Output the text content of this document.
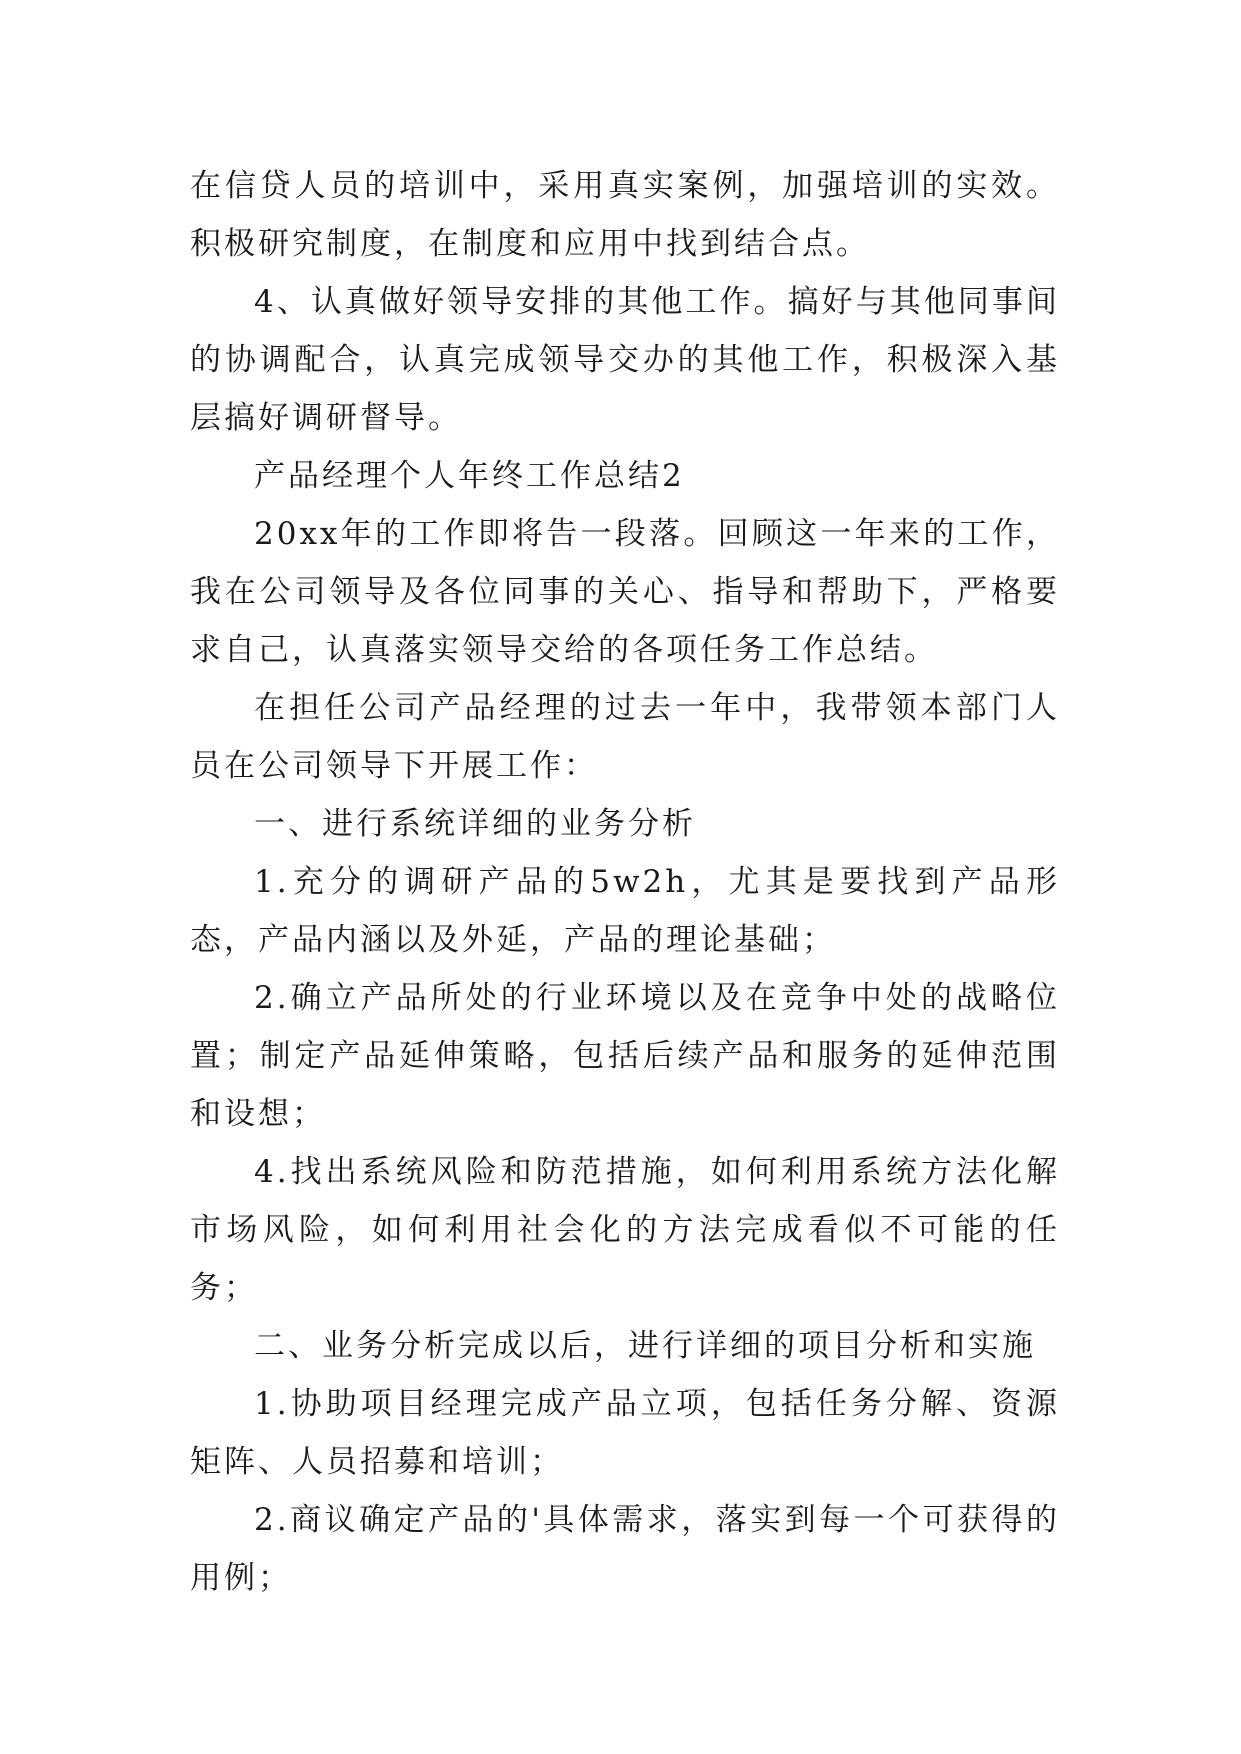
在信贷人员的培训中，采用真实案例，加强培训的实效。积极研究制度，在制度和应用中找到结合点。

4、认真做好领导安排的其他工作。搞好与其他同事间的协调配合，认真完成领导交办的其他工作，积极深入基层搞好调研督导。

产品经理个人年终工作总结2

20xx年的工作即将告一段落。回顾这一年来的工作，我在公司领导及各位同事的关心、指导和帮助下，严格要求自己，认真落实领导交给的各项任务工作总结。

在担任公司产品经理的过去一年中，我带领本部门人员在公司领导下开展工作：

一、进行系统详细的业务分析

1.充分的调研产品的5w2h，尤其是要找到产品形态，产品内涵以及外延，产品的理论基础；

2.确立产品所处的行业环境以及在竞争中处的战略位置；制定产品延伸策略，包括后续产品和服务的延伸范围和设想；

4.找出系统风险和防范措施，如何利用系统方法化解市场风险，如何利用社会化的方法完成看似不可能的任务；

二、业务分析完成以后，进行详细的项目分析和实施

1.协助项目经理完成产品立项，包括任务分解、资源矩阵、人员招募和培训；

2.商议确定产品的'具体需求，落实到每一个可获得的用例；
